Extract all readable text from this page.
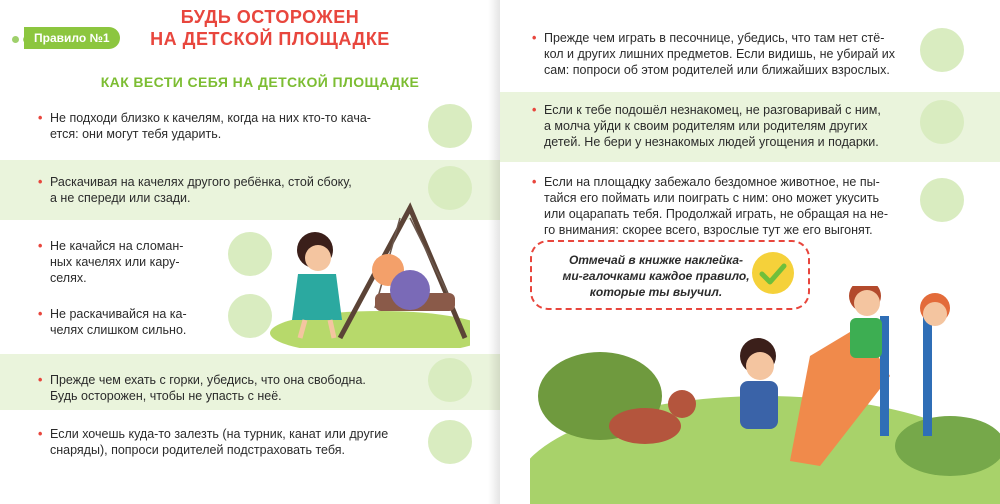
Правило №1
БУДЬ ОСТОРОЖЕН
НА ДЕТСКОЙ ПЛОЩАДКЕ
КАК ВЕСТИ СЕБЯ НА ДЕТСКОЙ ПЛОЩАДКЕ
• Не подходи близко к качелям, когда на них кто-то кача-
ется: они могут тебя ударить.
• Раскачивая на качелях другого ребёнка, стой сбоку,
а не спереди или сзади.
• Не качайся на сломан-
ных качелях или кару-
селях.
• Не раскачивайся на ка-
челях слишком сильно.
• Прежде чем ехать с горки, убедись, что она свободна.
Будь осторожен, чтобы не упасть с неё.
• Если хочешь куда-то залезть (на турник, канат или другие
снаряды), попроси родителей подстраховать тебя.
• Прежде чем играть в песочнице, убедись, что там нет стё-
кол и других лишних предметов. Если видишь, не убирай их
сам: попроси об этом родителей или ближайших взрослых.
• Если к тебе подошёл незнакомец, не разговаривай с ним,
а молча уйди к своим родителям или родителям других
детей. Не бери у незнакомых людей угощения и подарки.
• Если на площадку забежало бездомное животное, не пы-
тайся его поймать или поиграть с ним: оно может укусить
или оцарапать тебя. Продолжай играть, не обращая на не-
го внимания: скорее всего, взрослые тут же его выгонят.
Отмечай в книжке наклейка-
ми-галочками каждое правило,
которые ты выучил.
